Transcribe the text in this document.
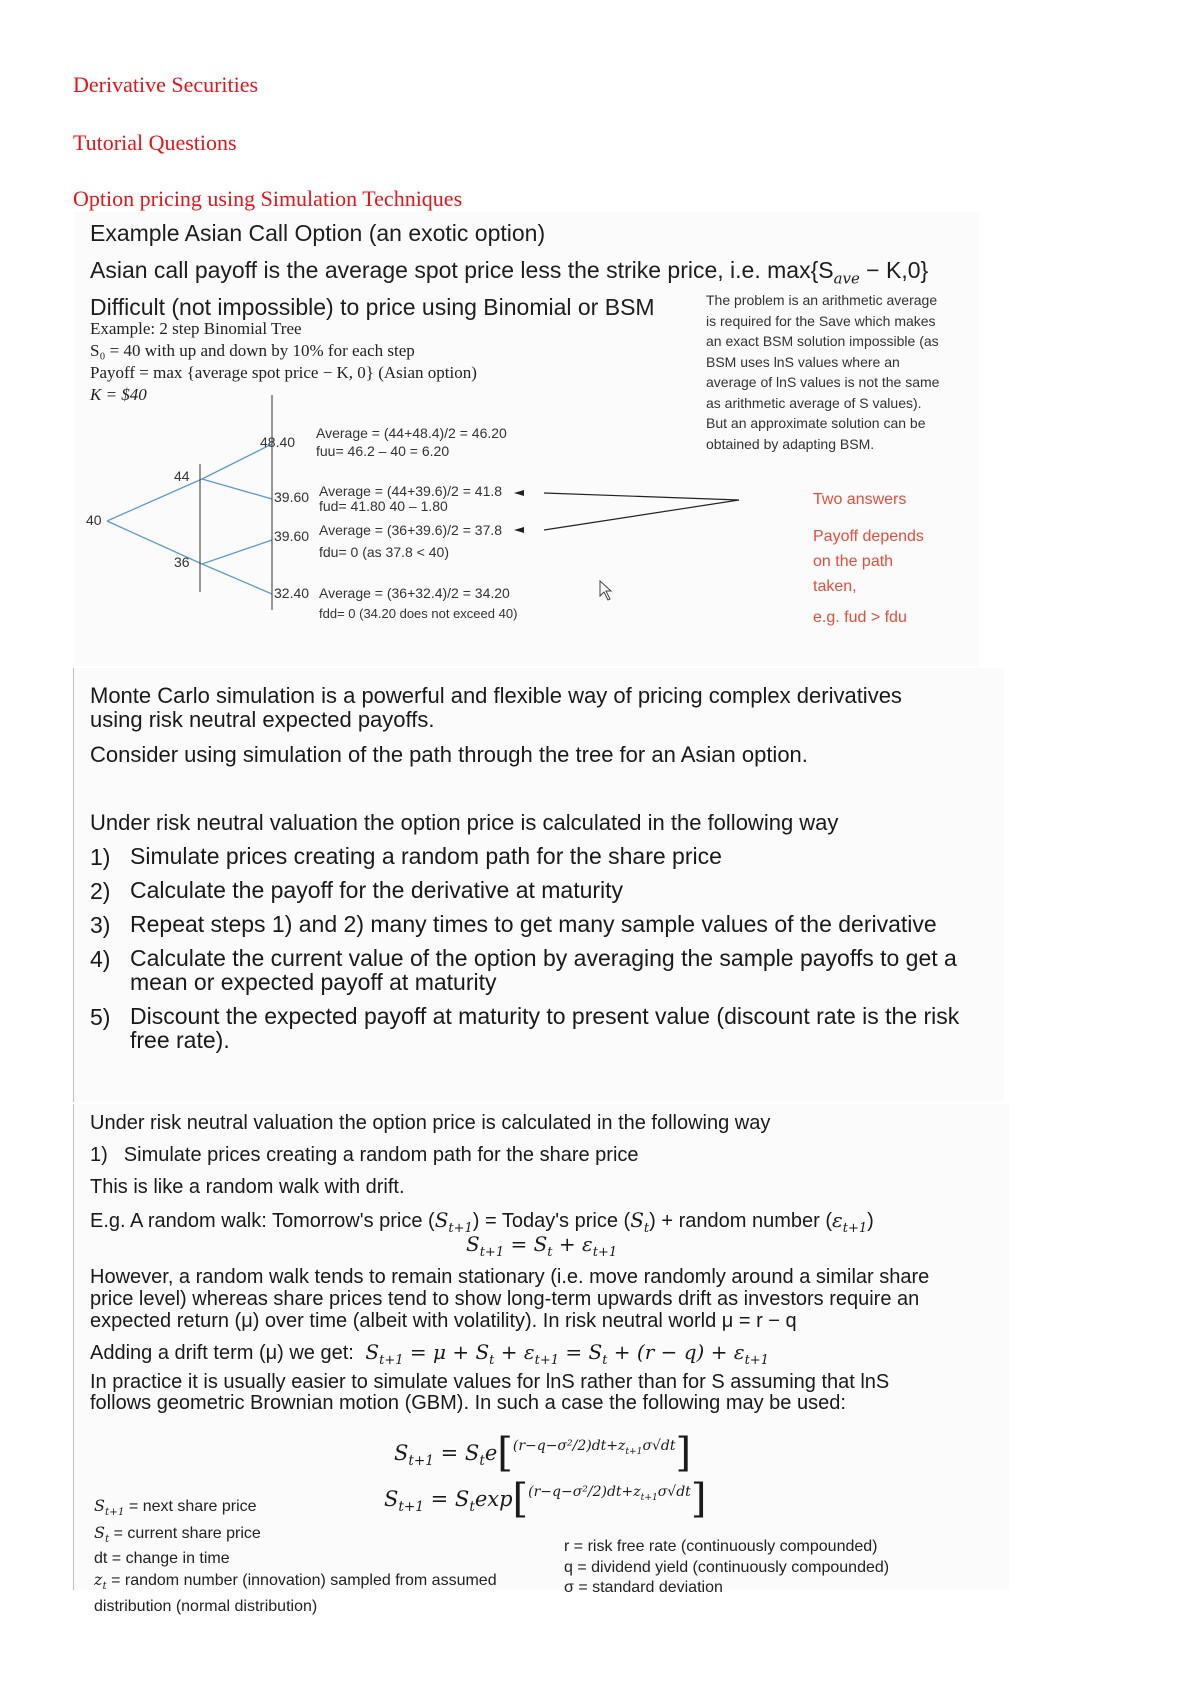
Derivative Securities
Tutorial Questions
Option pricing using Simulation Techniques
Example Asian Call Option (an exotic option)
Asian call payoff is the average spot price less the strike price, i.e. $\max\{S_{ave} - K,0\}$
Difficult (not impossible) to price using Binomial or BSM
Example: 2 step Binomial Tree
S₀ = 40 with up and down by 10% for each step
Payoff = max {average spot price − K, 0} (Asian option)
K = $40
The problem is an arithmetic average
is required for the Save which makes
an exact BSM solution impossible (as
BSM uses lnS values where an
average of lnS values is not the same
as arithmetic average of S values).
But an approximate solution can be
obtained by adapting BSM.
40
44
36
48.40
39.60
39.60
32.40
Average = (44+48.4)/2 = 46.20
fuu= 46.2 – 40 = 6.20
Average = (44+39.6)/2 = 41.8
fud= 41.80 40 – 1.80
Average = (36+39.6)/2 = 37.8
fdu= 0 (as 37.8 < 40)
Average = (36+32.4)/2 = 34.20
fdd= 0 (34.20 does not exceed 40)
Two answers
Payoff depends
on the path
taken,
e.g. fud > fdu
Monte Carlo simulation is a powerful and flexible way of pricing complex derivatives
using risk neutral expected payoffs.
Consider using simulation of the path through the tree for an Asian option.
Under risk neutral valuation the option price is calculated in the following way
1) Simulate prices creating a random path for the share price
2) Calculate the payoff for the derivative at maturity
3) Repeat steps 1) and 2) many times to get many sample values of the derivative
4) Calculate the current value of the option by averaging the sample payoffs to get a
mean or expected payoff at maturity
5) Discount the expected payoff at maturity to present value (discount rate is the risk
free rate).
Under risk neutral valuation the option price is calculated in the following way
1) Simulate prices creating a random path for the share price
This is like a random walk with drift.
E.g. A random walk: Tomorrow's price $(S_{t+1})$ = Today's price $(S_t)$ + random number $(\varepsilon_{t+1})$
$S_{t+1} = S_t + \varepsilon_{t+1}$
However, a random walk tends to remain stationary (i.e. move randomly around a similar share
price level) whereas share prices tend to show long-term upwards drift as investors require an
expected return (μ) over time (albeit with volatility). In risk neutral world μ = r − q
Adding a drift term (μ) we get: $S_{t+1} = \mu + S_t + \varepsilon_{t+1} = S_t + (r - q) + \varepsilon_{t+1}$
In practice it is usually easier to simulate values for lnS rather than for S assuming that lnS
follows geometric Brownian motion (GBM). In such a case the following may be used:
$S_{t+1} = S_te[^{(r-q-\sigma^2/2)dt+z_{t+1}\sigma√dt}]$
$S_{t+1} = S_t\exp[^{(r-q-\sigma^2/2)dt+z_{t+1}\sigma√dt}]$
$S_{t+1}$ = next share price
$S_t$ = current share price
dt = change in time
$z_t$ = random number (innovation) sampled from assumed
distribution (normal distribution)
r = risk free rate (continuously compounded)
q = dividend yield (continuously compounded)
σ = standard deviation
